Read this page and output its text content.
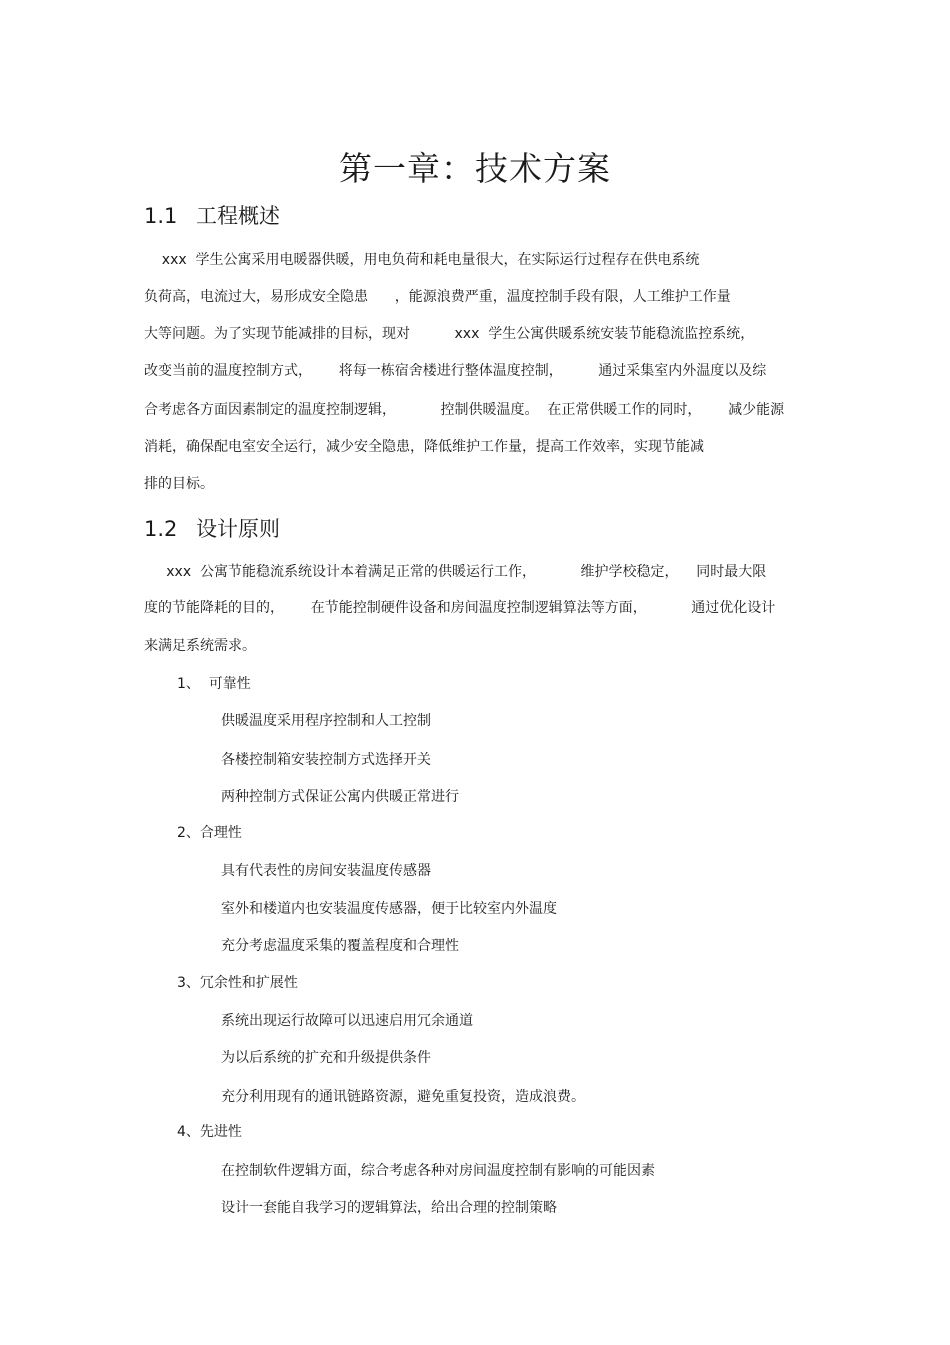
第一章：技术方案
1.1 工程概述

xxx  学生公寓采用电暖器供暖，用电负荷和耗电量很大，在实际运行过程存在供电系统

负荷高，电流过大，易形成安全隐患      ，能源浪费严重，温度控制手段有限，人工维护工作量

大等问题。为了实现节能减排的目标，现对          xxx  学生公寓供暖系统安装节能稳流监控系统，

改变当前的温度控制方式，      将每一栋宿舍楼进行整体温度控制，        通过采集室内外温度以及综

合考虑各方面因素制定的温度控制逻辑，          控制供暖温度。  在正常供暖工作的同时，      减少能源

消耗，确保配电室安全运行，减少安全隐患，降低维护工作量，提高工作效率，实现节能减

排的目标。

1.2 设计原则

xxx  公寓节能稳流系统设计本着满足正常的供暖运行工作，          维护学校稳定，    同时最大限

度的节能降耗的目的，      在节能控制硬件设备和房间温度控制逻辑算法等方面，          通过优化设计

来满足系统需求。

1、  可靠性

供暖温度采用程序控制和人工控制

各楼控制箱安装控制方式选择开关

两种控制方式保证公寓内供暖正常进行

2、合理性

具有代表性的房间安装温度传感器

室外和楼道内也安装温度传感器，便于比较室内外温度

充分考虑温度采集的覆盖程度和合理性

3、冗余性和扩展性

系统出现运行故障可以迅速启用冗余通道

为以后系统的扩充和升级提供条件

充分利用现有的通讯链路资源，避免重复投资，造成浪费。

4、先进性

在控制软件逻辑方面，综合考虑各种对房间温度控制有影响的可能因素

设计一套能自我学习的逻辑算法，给出合理的控制策略
